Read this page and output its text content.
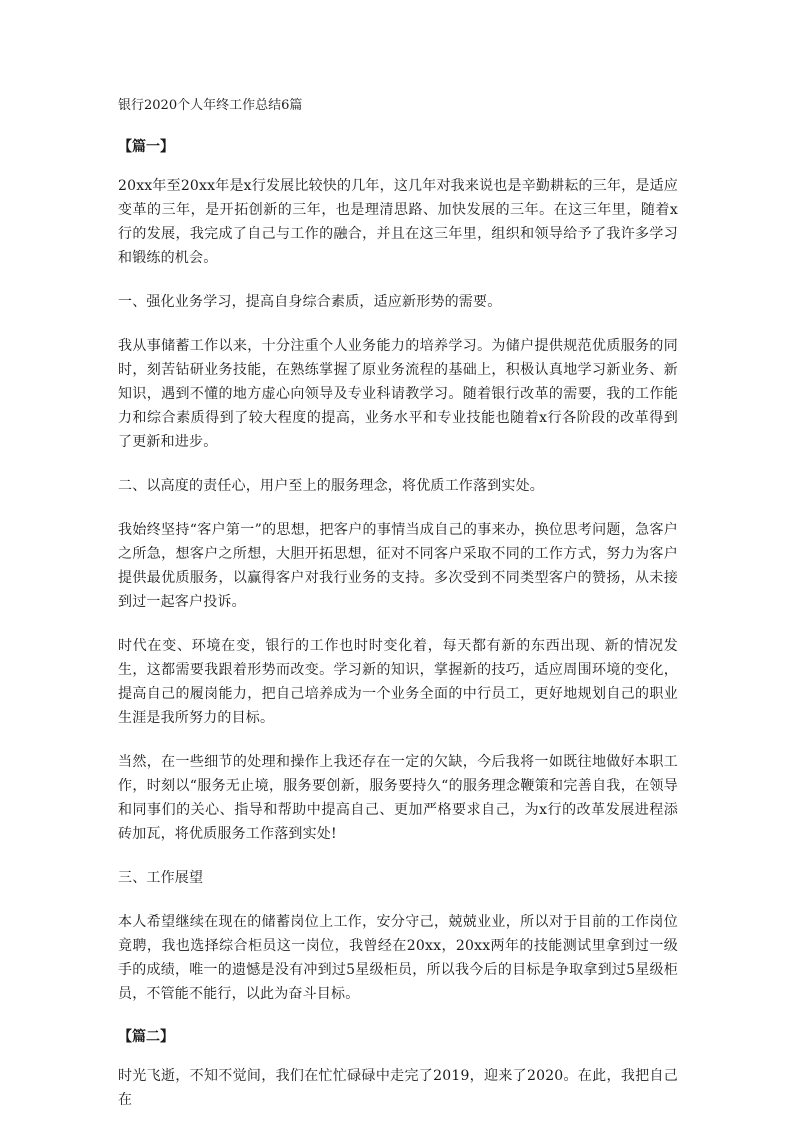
银行2020个人年终工作总结6篇
【篇一】

20xx年至20xx年是x行发展比较快的几年，这几年对我来说也是辛勤耕耘的三年，是适应变革的三年，是开拓创新的三年，也是理清思路、加快发展的三年。在这三年里，随着x行的发展，我完成了自己与工作的融合，并且在这三年里，组织和领导给予了我许多学习和锻练的机会。

一、强化业务学习，提高自身综合素质，适应新形势的需要。

我从事储蓄工作以来，十分注重个人业务能力的培养学习。为储户提供规范优质服务的同时，刻苦钻研业务技能，在熟练掌握了原业务流程的基础上，积极认真地学习新业务、新知识，遇到不懂的地方虚心向领导及专业科请教学习。随着银行改革的需要，我的工作能力和综合素质得到了较大程度的提高，业务水平和专业技能也随着x行各阶段的改革得到了更新和进步。

二、以高度的责任心，用户至上的服务理念，将优质工作落到实处。

我始终坚持“客户第一”的思想，把客户的事情当成自己的事来办，换位思考问题，急客户之所急，想客户之所想，大胆开拓思想，征对不同客户采取不同的工作方式，努力为客户提供最优质服务，以赢得客户对我行业务的支持。多次受到不同类型客户的赞扬，从未接到过一起客户投诉。

时代在变、环境在变，银行的工作也时时变化着，每天都有新的东西出现、新的情况发生，这都需要我跟着形势而改变。学习新的知识，掌握新的技巧，适应周围环境的变化，提高自己的履岗能力，把自己培养成为一个业务全面的中行员工，更好地规划自己的职业生涯是我所努力的目标。

当然，在一些细节的处理和操作上我还存在一定的欠缺，今后我将一如既往地做好本职工作，时刻以“服务无止境，服务要创新，服务要持久“的服务理念鞭策和完善自我，在领导和同事们的关心、指导和帮助中提高自己、更加严格要求自己，为x行的改革发展进程添砖加瓦，将优质服务工作落到实处!

三、工作展望

本人希望继续在现在的储蓄岗位上工作，安分守己，兢兢业业，所以对于目前的工作岗位竟聘，我也选择综合柜员这一岗位，我曾经在20xx，20xx两年的技能测试里拿到过一级手的成绩，唯一的遗憾是没有冲到过5星级柜员，所以我今后的目标是争取拿到过5星级柜员，不管能不能行，以此为奋斗目标。

【篇二】

时光飞逝，不知不觉间，我们在忙忙碌碌中走完了2019，迎来了2020。在此，我把自己在
